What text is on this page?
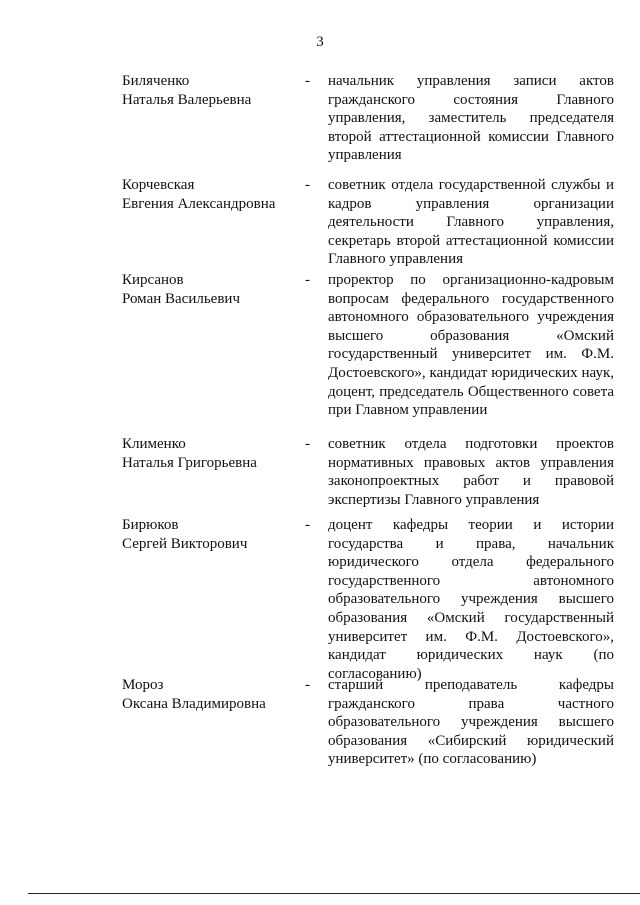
3
Биляченко
Наталья Валерьевна
- начальник управления записи актов гражданского состояния Главного управления, заместитель председателя второй аттестационной комиссии Главного управления
Корчевская
Евгения Александровна
- советник отдела государственной службы и кадров управления организации деятельности Главного управления, секретарь второй аттестационной комиссии Главного управления
Кирсанов
Роман Васильевич
- проректор по организационно-кадровым вопросам федерального государственного автономного образовательного учреждения высшего образования «Омский государственный университет им. Ф.М. Достоевского», кандидат юридических наук, доцент, председатель Общественного совета при Главном управлении
Клименко
Наталья Григорьевна
- советник отдела подготовки проектов нормативных правовых актов управления законопроектных работ и правовой экспертизы Главного управления
Бирюков
Сергей Викторович
- доцент кафедры теории и истории государства и права, начальник юридического отдела федерального государственного автономного образовательного учреждения высшего образования «Омский государственный университет им. Ф.М. Достоевского», кандидат юридических наук (по согласованию)
Мороз
Оксана Владимировна
- старший преподаватель кафедры гражданского права частного образовательного учреждения высшего образования «Сибирский юридический университет» (по согласованию)
